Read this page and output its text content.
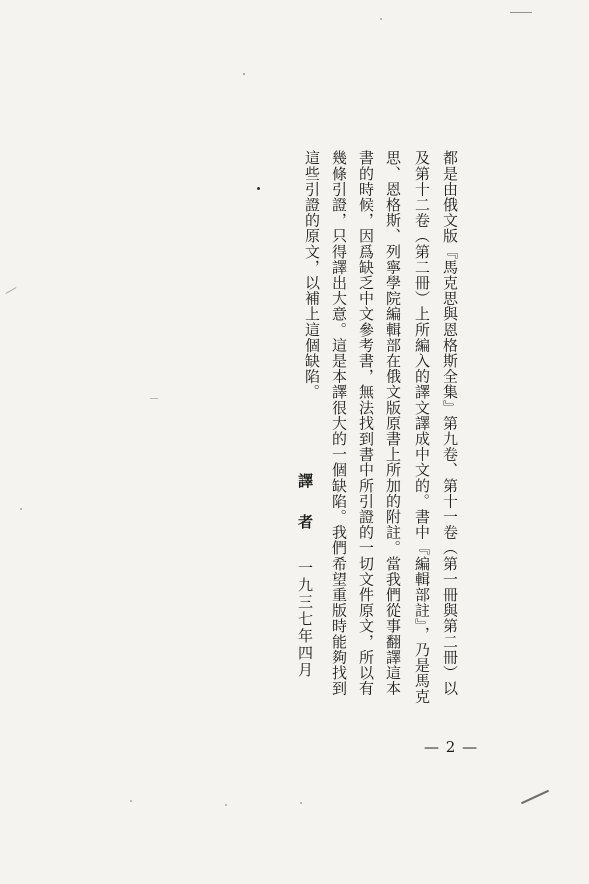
都是由俄文版『馬克思與恩格斯全集』第九卷、第十一卷（第一冊與第二冊）以
及第十二卷（第二冊）上所編入的譯文譯成中文的。書中『編輯部註』，乃是馬克
思、恩格斯、列寧學院編輯部在俄文版原書上所加的附註。當我們從事翻譯這本
書的時候，因爲缺乏中文參考書，無法找到書中所引證的一切文件原文，所以有
幾條引證，只得譯出大意。這是本譯很大的一個缺陷。我們希望重版時能夠找到
這些引證的原文，以補上這個缺陷。
譯者
一九三七年四月
— 2 —
